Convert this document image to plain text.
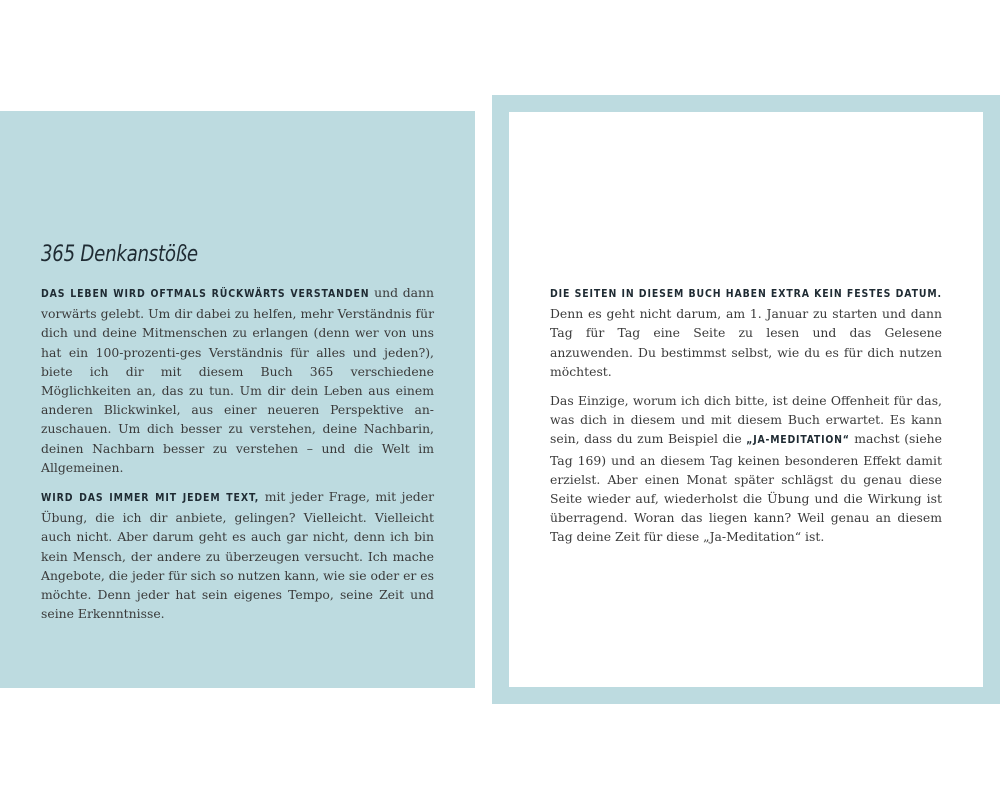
365 Denkanstöße

DAS LEBEN WIRD OFTMALS RÜCKWÄRTS VERSTANDEN und dann vorwärts gelebt. Um dir dabei zu helfen, mehr Verständnis für dich und deine Mitmenschen zu erlangen (denn wer von uns hat ein 100-prozenti-ges Verständnis für alles und jeden?), biete ich dir mit diesem Buch 365 verschiedene Möglichkeiten an, das zu tun. Um dir dein Leben aus einem anderen Blickwinkel, aus einer neueren Perspektive an-zuschauen. Um dich besser zu verstehen, deine Nachbarin, deinen Nachbarn besser zu verstehen – und die Welt im Allgemeinen.

WIRD DAS IMMER MIT JEDEM TEXT, mit jeder Frage, mit jeder Übung, die ich dir anbiete, gelingen? Vielleicht. Vielleicht auch nicht. Aber darum geht es auch gar nicht, denn ich bin kein Mensch, der andere zu überzeugen versucht. Ich mache Angebote, die jeder für sich so nutzen kann, wie sie oder er es möchte. Denn jeder hat sein eigenes Tempo, seine Zeit und seine Erkenntnisse.

DIE SEITEN IN DIESEM BUCH HABEN EXTRA KEIN FESTES DATUM. Denn es geht nicht darum, am 1. Januar zu starten und dann Tag für Tag eine Seite zu lesen und das Gelesene anzuwenden. Du bestimmst selbst, wie du es für dich nutzen möchtest.

Das Einzige, worum ich dich bitte, ist deine Offenheit für das, was dich in diesem und mit diesem Buch erwartet. Es kann sein, dass du zum Beispiel die „JA-MEDITATION“ machst (siehe Tag 169) und an diesem Tag keinen besonderen Effekt damit erzielst. Aber einen Monat später schlägst du genau diese Seite wieder auf, wiederholst die Übung und die Wirkung ist überragend. Woran das liegen kann? Weil genau an diesem Tag deine Zeit für diese „Ja-Meditation“ ist.
